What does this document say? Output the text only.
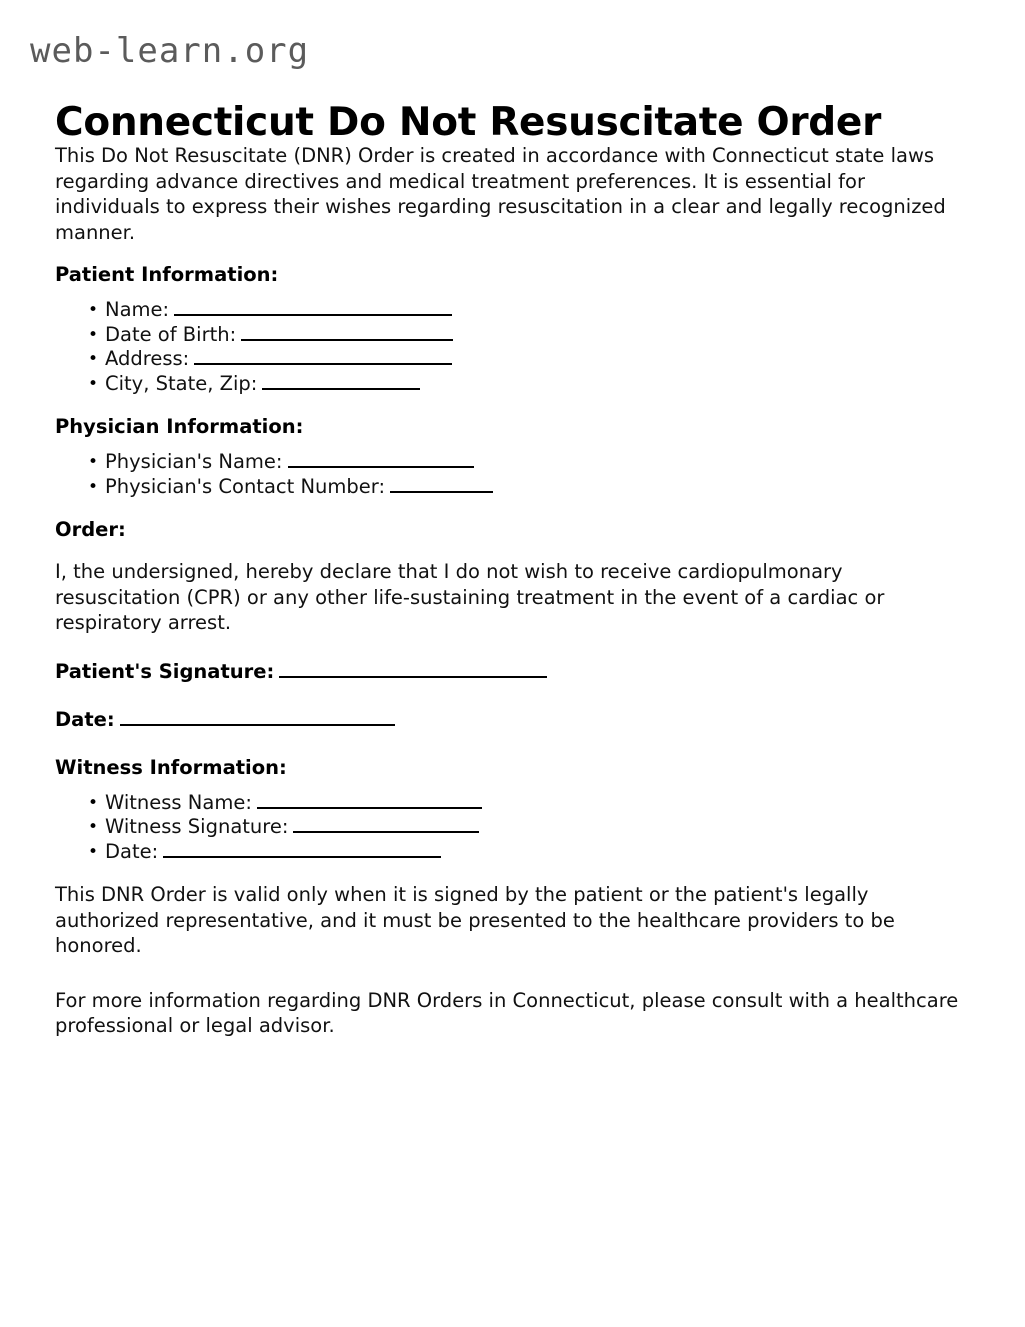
web-learn.org
Connecticut Do Not Resuscitate Order

This Do Not Resuscitate (DNR) Order is created in accordance with Connecticut state laws regarding advance directives and medical treatment preferences. It is essential for individuals to express their wishes regarding resuscitation in a clear and legally recognized manner.

Patient Information:
• Name:
• Date of Birth:
• Address:
• City, State, Zip:
Physician Information:
• Physician's Name:
• Physician's Contact Number:
Order:

I, the undersigned, hereby declare that I do not wish to receive cardiopulmonary resuscitation (CPR) or any other life-sustaining treatment in the event of a cardiac or respiratory arrest.

Patient's Signature:

Date:

Witness Information:
• Witness Name:
• Witness Signature:
• Date:

This DNR Order is valid only when it is signed by the patient or the patient's legally authorized representative, and it must be presented to the healthcare providers to be honored.

For more information regarding DNR Orders in Connecticut, please consult with a healthcare professional or legal advisor.
